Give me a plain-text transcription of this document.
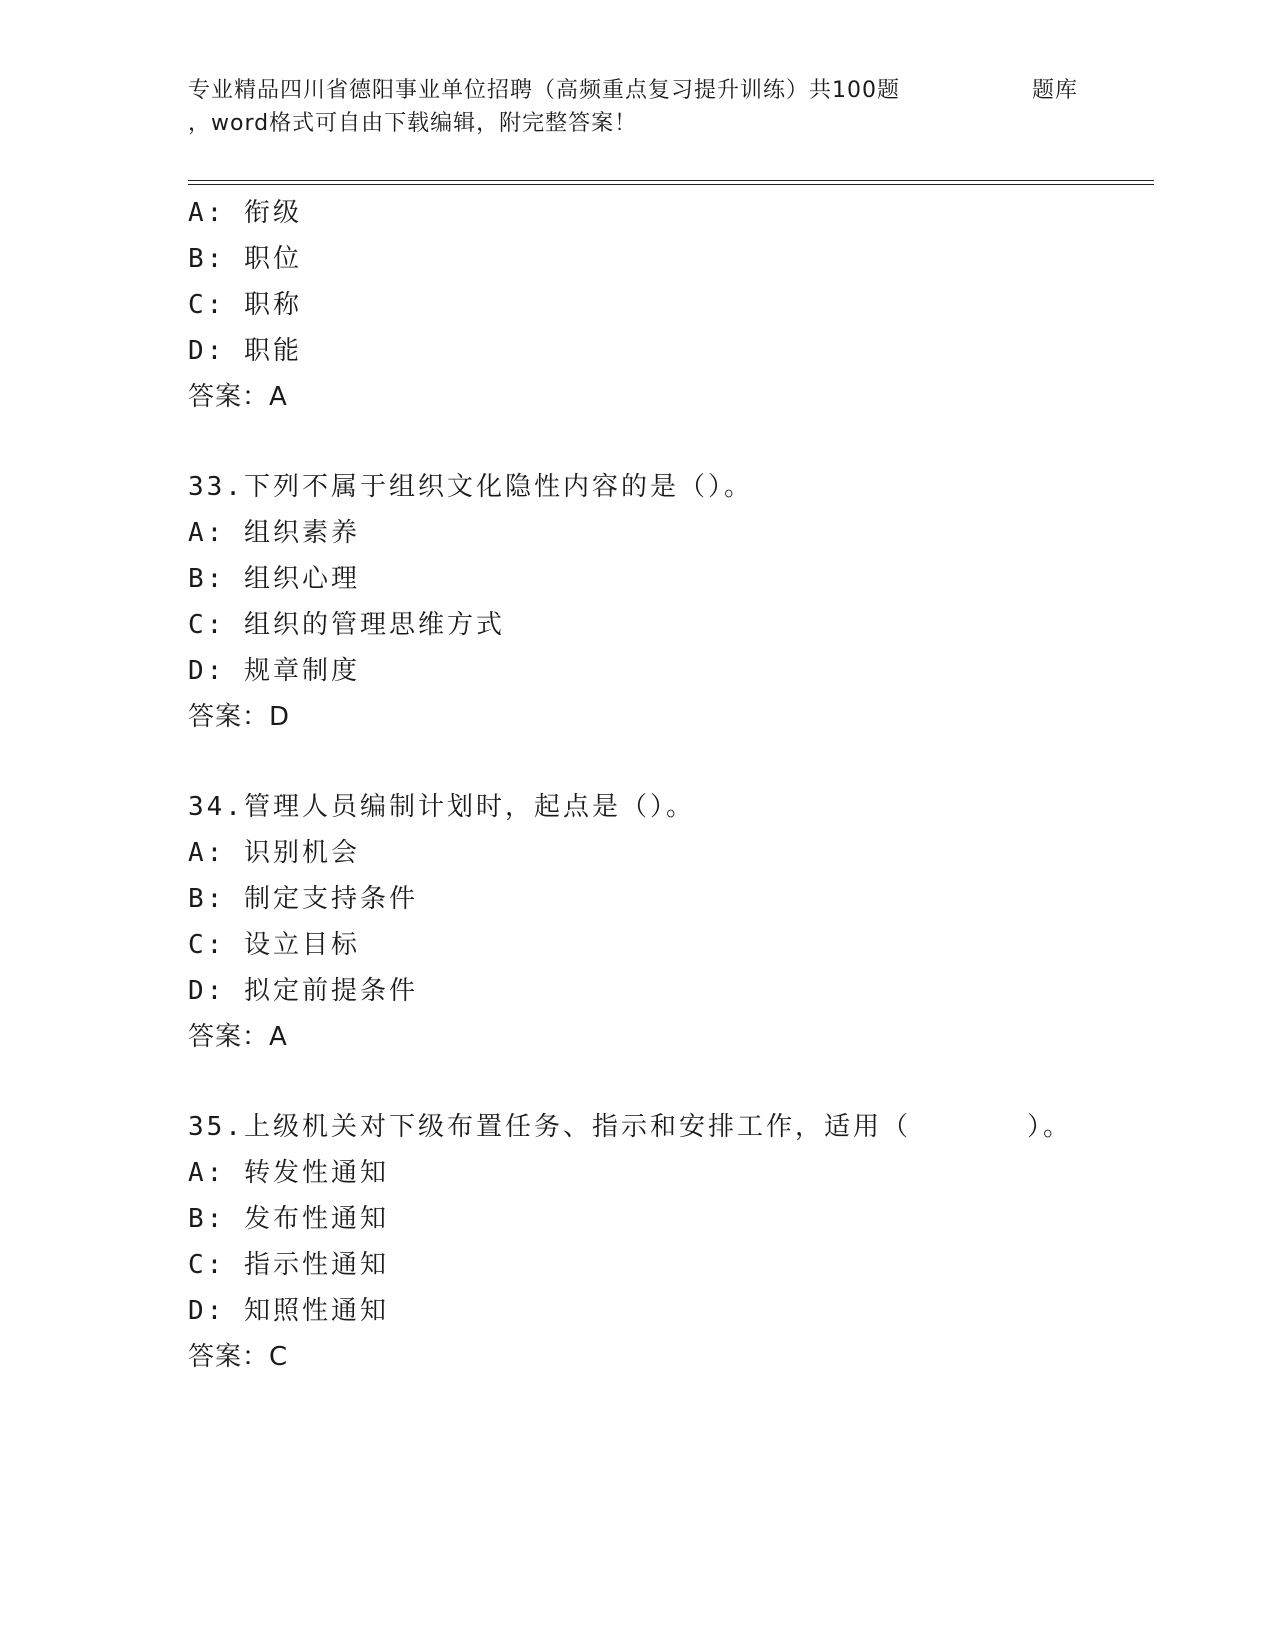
专业精品四川省德阳事业单位招聘（高频重点复习提升训练）共100题	题库
，word格式可自由下载编辑，附完整答案！
A: 衔级
B: 职位
C: 职称
D: 职能
答案：A
33.下列不属于组织文化隐性内容的是（）。
A: 组织素养
B: 组织心理
C: 组织的管理思维方式
D: 规章制度
答案：D
34.管理人员编制计划时，起点是（）。
A: 识别机会
B: 制定支持条件
C: 设立目标
D: 拟定前提条件
答案：A
35.上级机关对下级布置任务、指示和安排工作，适用（　　　　）。
A: 转发性通知
B: 发布性通知
C: 指示性通知
D: 知照性通知
答案：C
